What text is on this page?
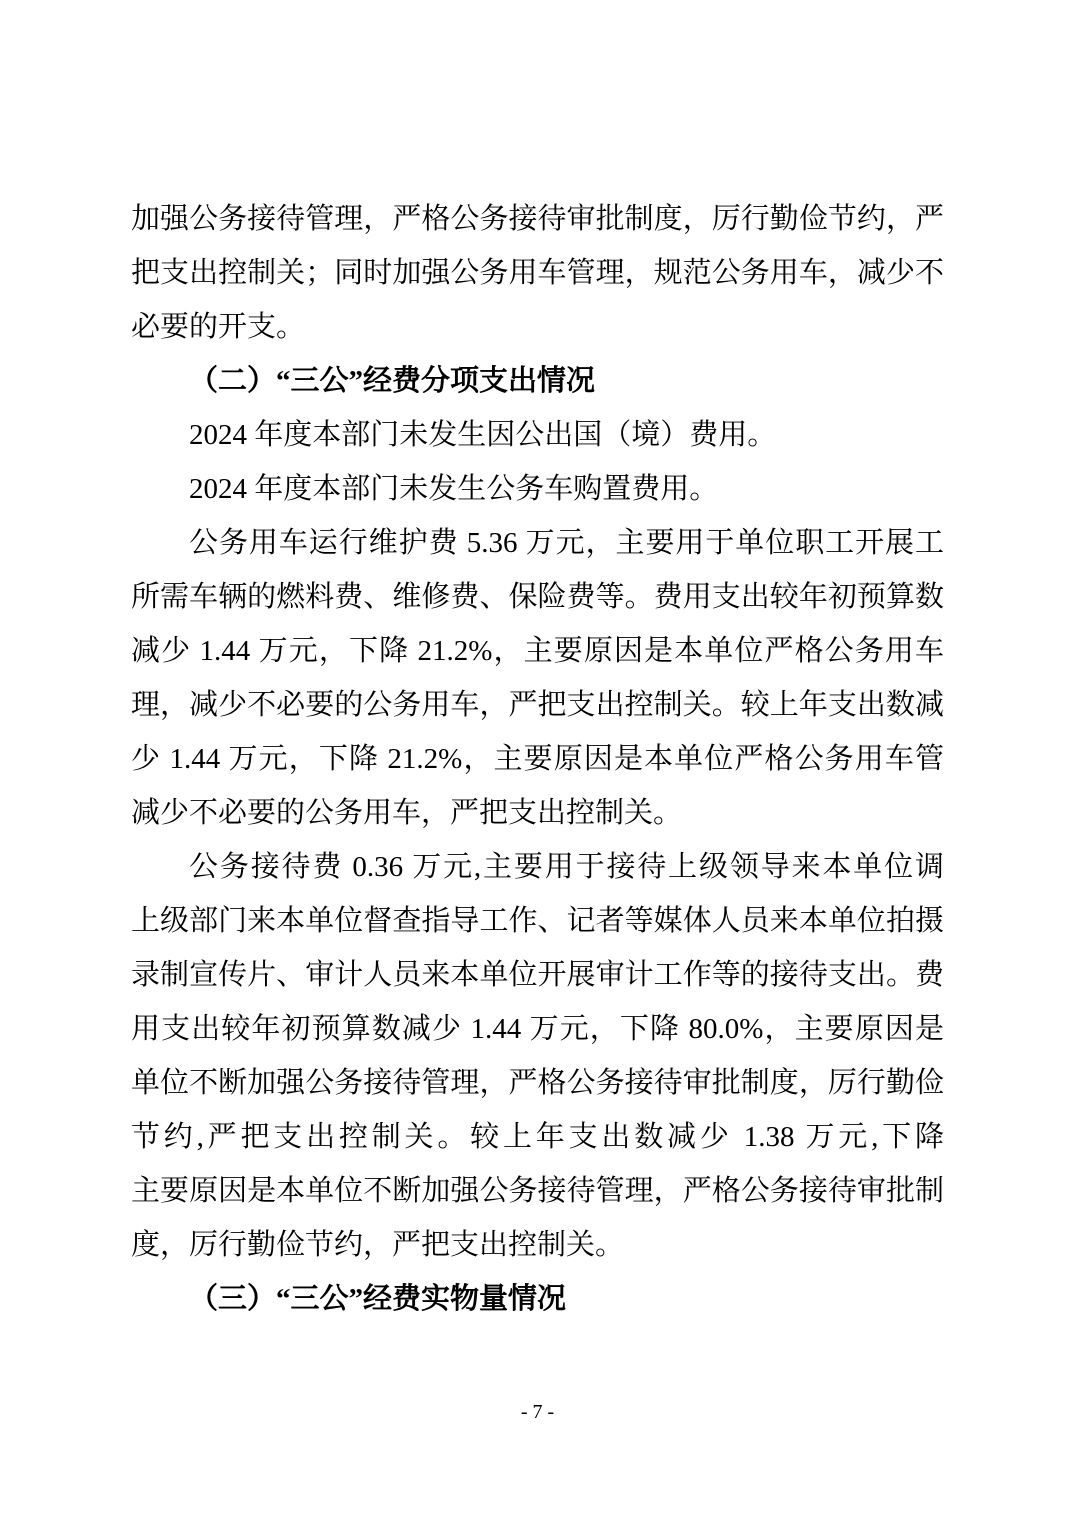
加强公务接待管理，严格公务接待审批制度，厉行勤俭节约，严
把支出控制关；同时加强公务用车管理，规范公务用车，减少不
必要的开支。
（二）“三公”经费分项支出情况
2024 年度本部门未发生因公出国（境）费用。
2024 年度本部门未发生公务车购置费用。
公务用车运行维护费 5.36 万元，主要用于单位职工开展工
所需车辆的燃料费、维修费、保险费等。费用支出较年初预算数
减少 1.44 万元，下降 21.2%，主要原因是本单位严格公务用车
理，减少不必要的公务用车，严把支出控制关。较上年支出数减
少 1.44 万元，下降 21.2%，主要原因是本单位严格公务用车管
减少不必要的公务用车，严把支出控制关。
公务接待费 0.36 万元,主要用于接待上级领导来本单位调
上级部门来本单位督查指导工作、记者等媒体人员来本单位拍摄
录制宣传片、审计人员来本单位开展审计工作等的接待支出。费
用支出较年初预算数减少 1.44 万元，下降 80.0%，主要原因是
单位不断加强公务接待管理，严格公务接待审批制度，厉行勤俭
节约,严把支出控制关。较上年支出数减少 1.38 万元,下降
主要原因是本单位不断加强公务接待管理，严格公务接待审批制
度，厉行勤俭节约，严把支出控制关。
（三）“三公”经费实物量情况
- 7 -
